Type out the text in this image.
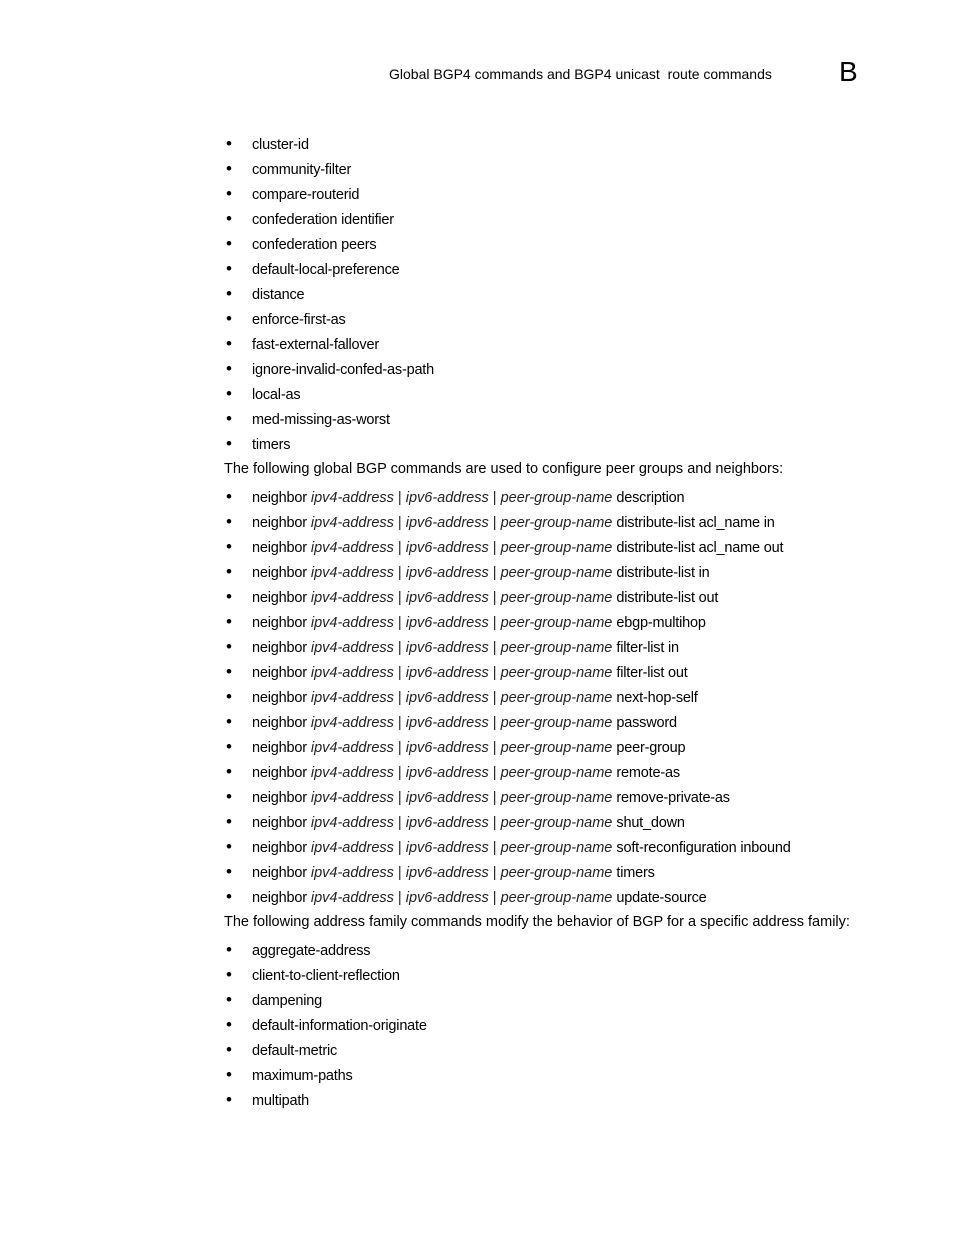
Global BGP4 commands and BGP4 unicast  route commands B
• cluster-id
• community-filter
• compare-routerid
• confederation identifier
• confederation peers
• default-local-preference
• distance
• enforce-first-as
• fast-external-fallover
• ignore-invalid-confed-as-path
• local-as
• med-missing-as-worst
• timers

The following global BGP commands are used to configure peer groups and neighbors:

• neighbor ipv4-address | ipv6-address | peer-group-name description
• neighbor ipv4-address | ipv6-address | peer-group-name distribute-list acl_name in
• neighbor ipv4-address | ipv6-address | peer-group-name distribute-list acl_name out
• neighbor ipv4-address | ipv6-address | peer-group-name distribute-list in
• neighbor ipv4-address | ipv6-address | peer-group-name distribute-list out
• neighbor ipv4-address | ipv6-address | peer-group-name ebgp-multihop
• neighbor ipv4-address | ipv6-address | peer-group-name filter-list in
• neighbor ipv4-address | ipv6-address | peer-group-name filter-list out
• neighbor ipv4-address | ipv6-address | peer-group-name next-hop-self
• neighbor ipv4-address | ipv6-address | peer-group-name password
• neighbor ipv4-address | ipv6-address | peer-group-name peer-group
• neighbor ipv4-address | ipv6-address | peer-group-name remote-as
• neighbor ipv4-address | ipv6-address | peer-group-name remove-private-as
• neighbor ipv4-address | ipv6-address | peer-group-name shut_down
• neighbor ipv4-address | ipv6-address | peer-group-name soft-reconfiguration inbound
• neighbor ipv4-address | ipv6-address | peer-group-name timers
• neighbor ipv4-address | ipv6-address | peer-group-name update-source

The following address family commands modify the behavior of BGP for a specific address family:

• aggregate-address
• client-to-client-reflection
• dampening
• default-information-originate
• default-metric
• maximum-paths
• multipath
